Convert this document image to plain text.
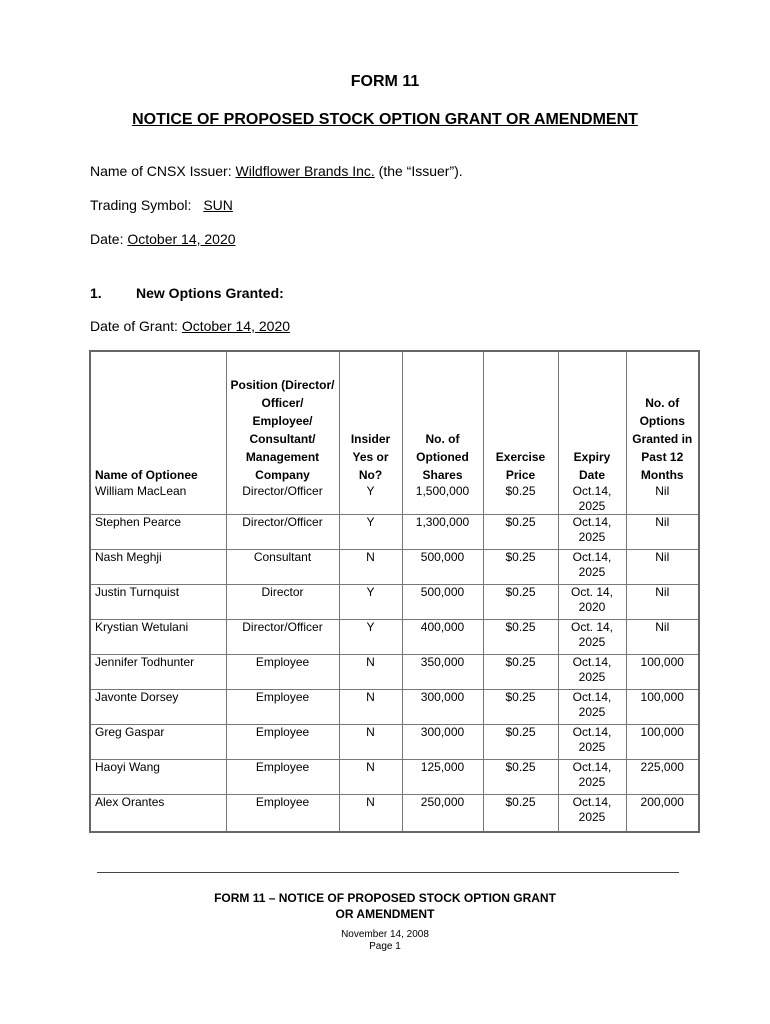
FORM 11
NOTICE OF PROPOSED STOCK OPTION GRANT OR AMENDMENT
Name of CNSX Issuer: Wildflower Brands Inc. (the “Issuer”).
Trading Symbol: SUN
Date: October 14, 2020
1. New Options Granted:
Date of Grant: October 14, 2020
Name of Optionee	Position (Director/ Officer/ Employee/ Consultant/ Management Company	Insider Yes or No?	No. of Optioned Shares	Exercise Price	Expiry Date	No. of Options Granted in Past 12 Months
William MacLean	Director/Officer	Y	1,500,000	$0.25	Oct.14, 2025	Nil
Stephen Pearce	Director/Officer	Y	1,300,000	$0.25	Oct.14, 2025	Nil
Nash Meghji	Consultant	N	500,000	$0.25	Oct.14, 2025	Nil
Justin Turnquist	Director	Y	500,000	$0.25	Oct. 14, 2020	Nil
Krystian Wetulani	Director/Officer	Y	400,000	$0.25	Oct. 14, 2025	Nil
Jennifer Todhunter	Employee	N	350,000	$0.25	Oct.14, 2025	100,000
Javonte Dorsey	Employee	N	300,000	$0.25	Oct.14, 2025	100,000
Greg Gaspar	Employee	N	300,000	$0.25	Oct.14, 2025	100,000
Haoyi Wang	Employee	N	125,000	$0.25	Oct.14, 2025	225,000
Alex Orantes	Employee	N	250,000	$0.25	Oct.14, 2025	200,000
FORM 11 – NOTICE OF PROPOSED STOCK OPTION GRANT
OR AMENDMENT
November 14, 2008
Page 1
